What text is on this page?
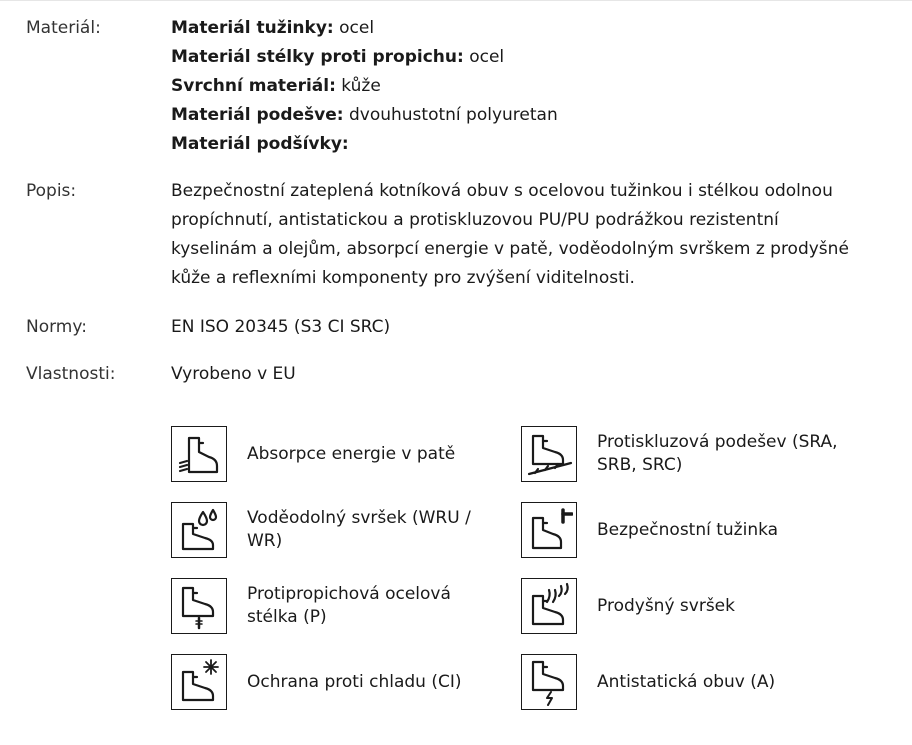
Materiál:	Materiál tužinky: ocel
Materiál stélky proti propichu: ocel
Svrchní materiál: kůže
Materiál podešve: dvouhustotní polyuretan
Materiál podšívky:
Popis:	Bezpečnostní zateplená kotníková obuv s ocelovou tužinkou i stélkou odolnou propíchnutí, antistatickou a protiskluzovou PU/PU podrážkou rezistentní kyselinám a olejům, absorpcí energie v patě, voděodolným svrškem z prodyšné kůže a reflexními komponenty pro zvýšení viditelnosti.
Normy:	EN ISO 20345 (S3 CI SRC)
Vlastnosti:	Vyrobeno v EU
Absorpce energie v patě
Protiskluzová podešev (SRA, SRB, SRC)
Voděodolný svršek (WRU / WR)
Bezpečnostní tužinka
Protipropichová ocelová stélka (P)
Prodyšný svršek
Ochrana proti chladu (CI)	Antistatická obuv (A)
